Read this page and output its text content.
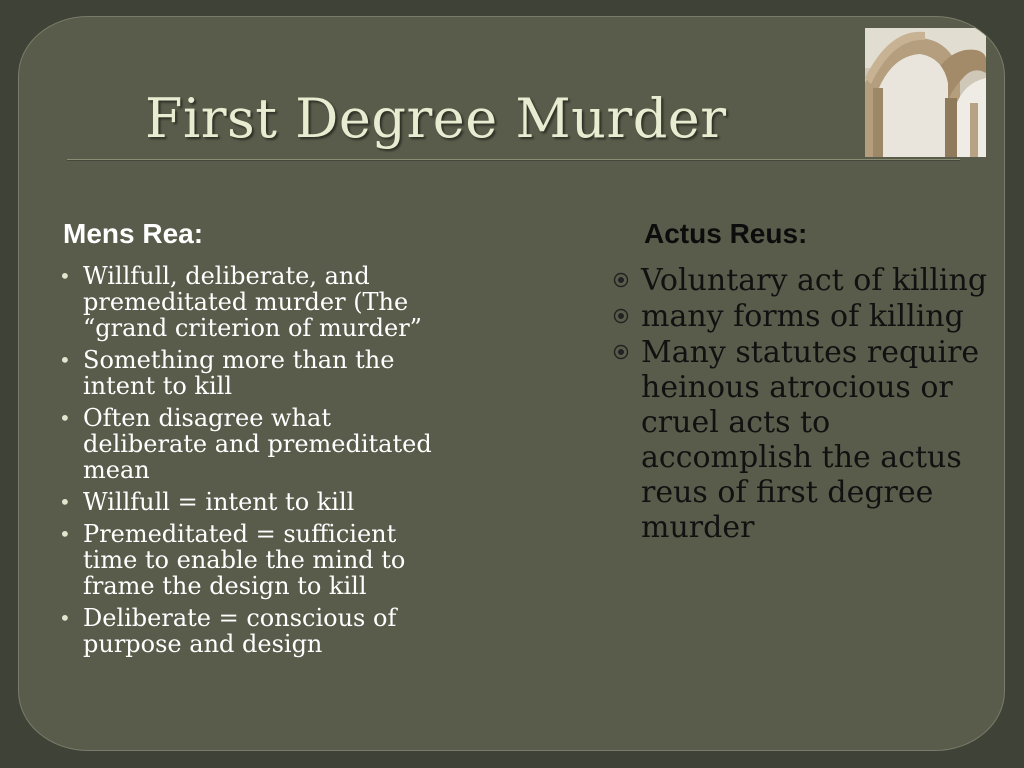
First Degree Murder
Mens Rea:	Actus Reus:
• Willfull, deliberate, and premeditated murder (The “grand criterion of murder”
• Something more than the intent to kill
• Often disagree what deliberate and premeditated mean
• Willfull = intent to kill
• Premeditated = sufficient time to enable the mind to frame the design to kill
• Deliberate = conscious of purpose and design
Voluntary act of killing
many forms of killing
Many statutes require heinous atrocious or cruel acts to accomplish the actus reus of first degree murder
